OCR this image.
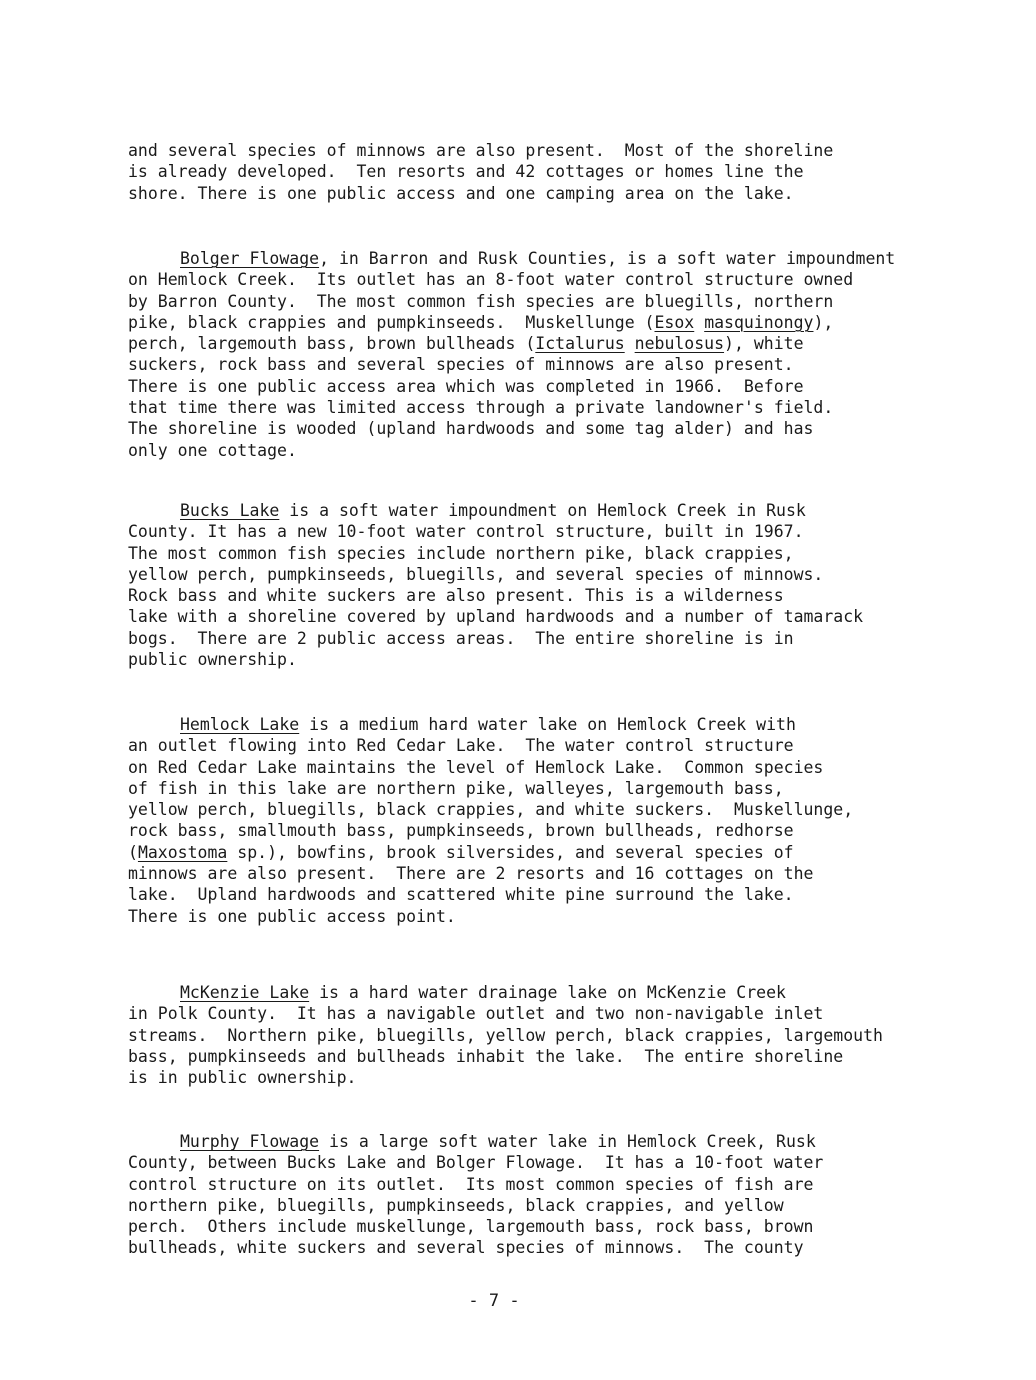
and several species of minnows are also present.  Most of the shoreline
is already developed.  Ten resorts and 42 cottages or homes line the
shore. There is one public access and one camping area on the lake.
Bolger Flowage, in Barron and Rusk Counties, is a soft water impoundment
on Hemlock Creek.  Its outlet has an 8-foot water control structure owned
by Barron County.  The most common fish species are bluegills, northern
pike, black crappies and pumpkinseeds.  Muskellunge (Esox masquinongy),
perch, largemouth bass, brown bullheads (Ictalurus nebulosus), white
suckers, rock bass and several species of minnows are also present.
There is one public access area which was completed in 1966.  Before
that time there was limited access through a private landowner's field.
The shoreline is wooded (upland hardwoods and some tag alder) and has
only one cottage.
Bucks Lake is a soft water impoundment on Hemlock Creek in Rusk
County. It has a new 10-foot water control structure, built in 1967.
The most common fish species include northern pike, black crappies,
yellow perch, pumpkinseeds, bluegills, and several species of minnows.
Rock bass and white suckers are also present. This is a wilderness
lake with a shoreline covered by upland hardwoods and a number of tamarack
bogs.  There are 2 public access areas.  The entire shoreline is in
public ownership.
Hemlock Lake is a medium hard water lake on Hemlock Creek with
an outlet flowing into Red Cedar Lake.  The water control structure
on Red Cedar Lake maintains the level of Hemlock Lake.  Common species
of fish in this lake are northern pike, walleyes, largemouth bass,
yellow perch, bluegills, black crappies, and white suckers.  Muskellunge,
rock bass, smallmouth bass, pumpkinseeds, brown bullheads, redhorse
(Maxostoma sp.), bowfins, brook silversides, and several species of
minnows are also present.  There are 2 resorts and 16 cottages on the
lake.  Upland hardwoods and scattered white pine surround the lake.
There is one public access point.
McKenzie Lake is a hard water drainage lake on McKenzie Creek
in Polk County.  It has a navigable outlet and two non-navigable inlet
streams.  Northern pike, bluegills, yellow perch, black crappies, largemouth
bass, pumpkinseeds and bullheads inhabit the lake.  The entire shoreline
is in public ownership.
Murphy Flowage is a large soft water lake in Hemlock Creek, Rusk
County, between Bucks Lake and Bolger Flowage.  It has a 10-foot water
control structure on its outlet.  Its most common species of fish are
northern pike, bluegills, pumpkinseeds, black crappies, and yellow
perch.  Others include muskellunge, largemouth bass, rock bass, brown
bullheads, white suckers and several species of minnows.  The county
- 7 -
